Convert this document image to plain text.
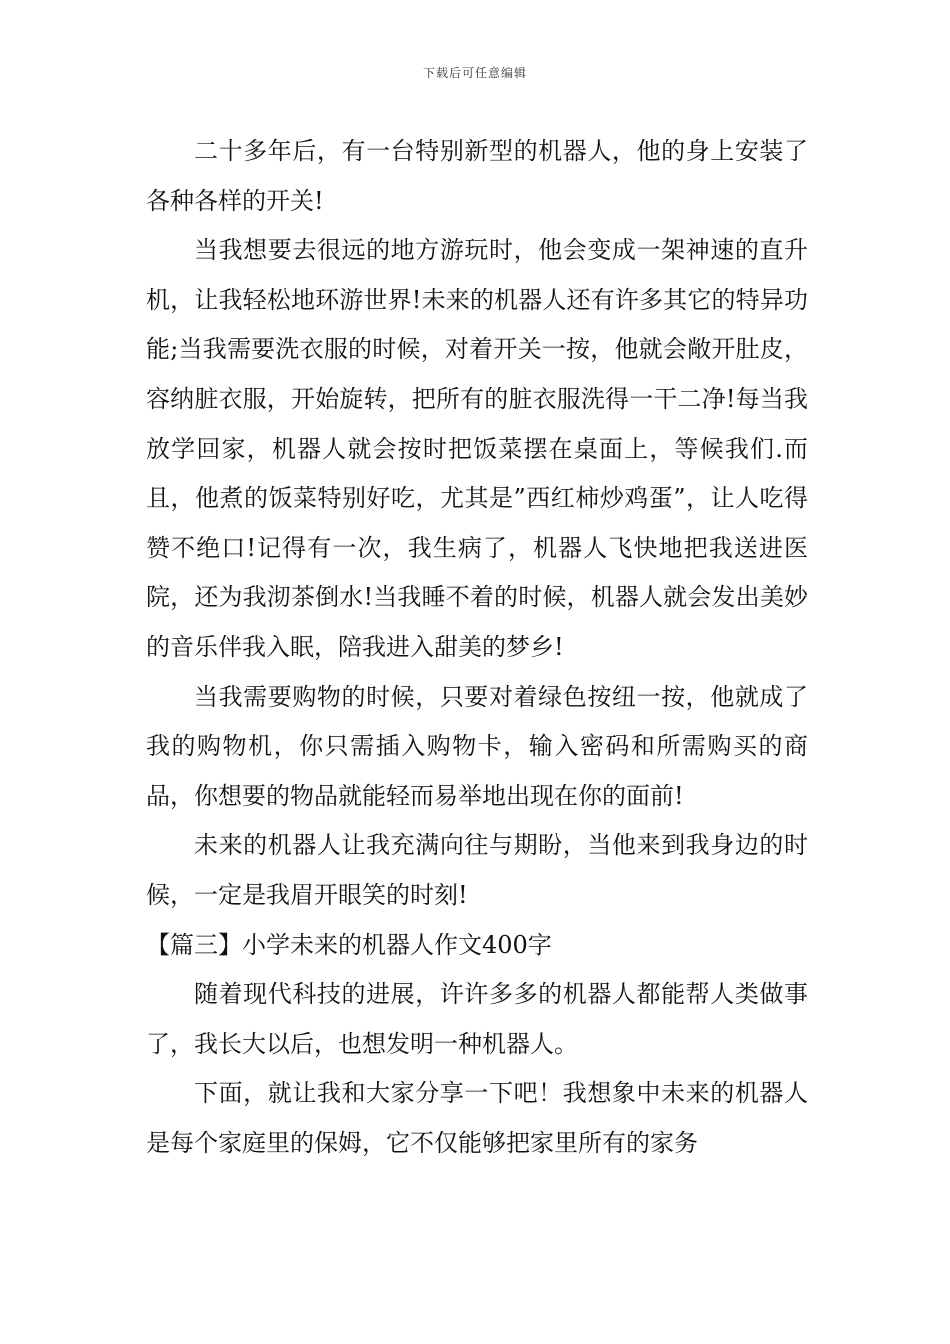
下载后可任意编辑

二十多年后，有一台特别新型的机器人，他的身上安装了各种各样的开关!

当我想要去很远的地方游玩时，他会变成一架神速的直升机，让我轻松地环游世界!未来的机器人还有许多其它的特异功能;当我需要洗衣服的时候，对着开关一按，他就会敞开肚皮，容纳脏衣服，开始旋转，把所有的脏衣服洗得一干二净!每当我放学回家，机器人就会按时把饭菜摆在桌面上，等候我们.而且，他煮的饭菜特别好吃，尤其是”西红柿炒鸡蛋”，让人吃得赞不绝口!记得有一次，我生病了，机器人飞快地把我送进医院，还为我沏茶倒水!当我睡不着的时候，机器人就会发出美妙的音乐伴我入眠，陪我进入甜美的梦乡!

当我需要购物的时候，只要对着绿色按纽一按，他就成了我的购物机，你只需插入购物卡，输入密码和所需购买的商品，你想要的物品就能轻而易举地出现在你的面前!

未来的机器人让我充满向往与期盼，当他来到我身边的时候，一定是我眉开眼笑的时刻!

【篇三】小学未来的机器人作文400字

随着现代科技的进展，许许多多的机器人都能帮人类做事了，我长大以后，也想发明一种机器人。

下面，就让我和大家分享一下吧！我想象中未来的机器人是每个家庭里的保姆，它不仅能够把家里所有的家务
